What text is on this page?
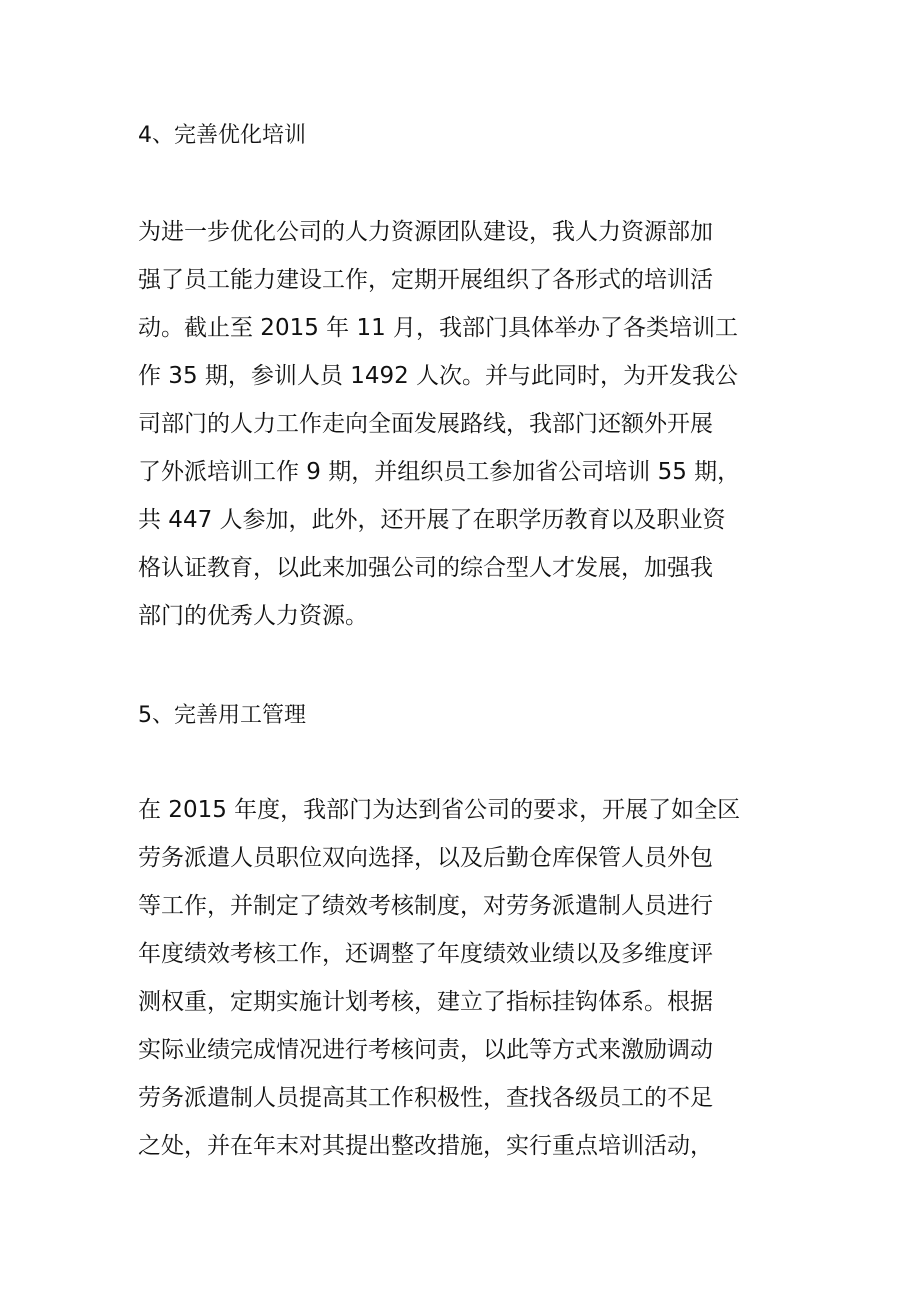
4、完善优化培训
为进一步优化公司的人力资源团队建设，我人力资源部加
强了员工能力建设工作，定期开展组织了各形式的培训活
动。截止至 2015 年 11 月，我部门具体举办了各类培训工
作 35 期，参训人员 1492 人次。并与此同时，为开发我公
司部门的人力工作走向全面发展路线，我部门还额外开展
了外派培训工作 9 期，并组织员工参加省公司培训 55 期，
共 447 人参加，此外，还开展了在职学历教育以及职业资
格认证教育，以此来加强公司的综合型人才发展，加强我
部门的优秀人力资源。
5、完善用工管理
在 2015 年度，我部门为达到省公司的要求，开展了如全区
劳务派遣人员职位双向选择，以及后勤仓库保管人员外包
等工作，并制定了绩效考核制度，对劳务派遣制人员进行
年度绩效考核工作，还调整了年度绩效业绩以及多维度评
测权重，定期实施计划考核，建立了指标挂钩体系。根据
实际业绩完成情况进行考核问责，以此等方式来激励调动
劳务派遣制人员提高其工作积极性，查找各级员工的不足
之处，并在年末对其提出整改措施，实行重点培训活动，
